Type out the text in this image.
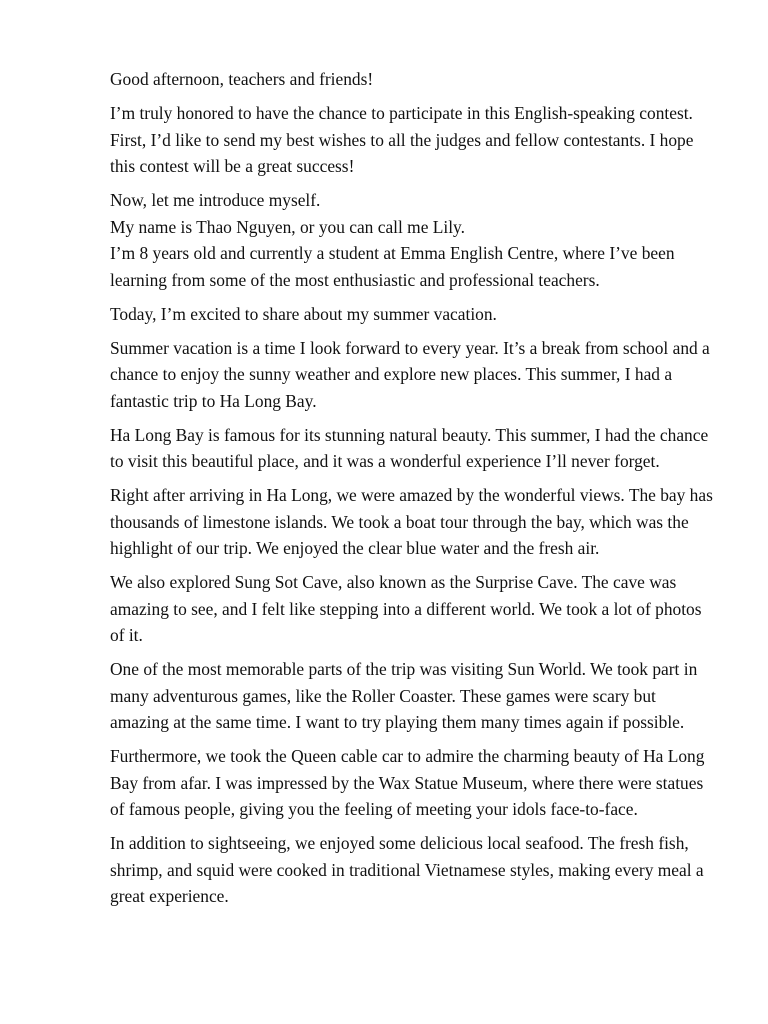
Good afternoon, teachers and friends!

I’m truly honored to have the chance to participate in this English-speaking contest. First, I’d like to send my best wishes to all the judges and fellow contestants. I hope this contest will be a great success!

Now, let me introduce myself.
My name is Thao Nguyen, or you can call me Lily.
I’m 8 years old and currently a student at Emma English Centre, where I’ve been learning from some of the most enthusiastic and professional teachers.

Today, I’m excited to share about my summer vacation.

Summer vacation is a time I look forward to every year. It’s a break from school and a chance to enjoy the sunny weather and explore new places. This summer, I had a fantastic trip to Ha Long Bay.

Ha Long Bay is famous for its stunning natural beauty. This summer, I had the chance to visit this beautiful place, and it was a wonderful experience I’ll never forget.

Right after arriving in Ha Long, we were amazed by the wonderful views. The bay has thousands of limestone islands. We took a boat tour through the bay, which was the highlight of our trip. We enjoyed the clear blue water and the fresh air.

We also explored Sung Sot Cave, also known as the Surprise Cave. The cave was amazing to see, and I felt like stepping into a different world. We took a lot of photos of it.

One of the most memorable parts of the trip was visiting Sun World. We took part in many adventurous games, like the Roller Coaster. These games were scary but amazing at the same time. I want to try playing them many times again if possible.

Furthermore, we took the Queen cable car to admire the charming beauty of Ha Long Bay from afar. I was impressed by the Wax Statue Museum, where there were statues of famous people, giving you the feeling of meeting your idols face-to-face.

In addition to sightseeing, we enjoyed some delicious local seafood. The fresh fish, shrimp, and squid were cooked in traditional Vietnamese styles, making every meal a great experience.
